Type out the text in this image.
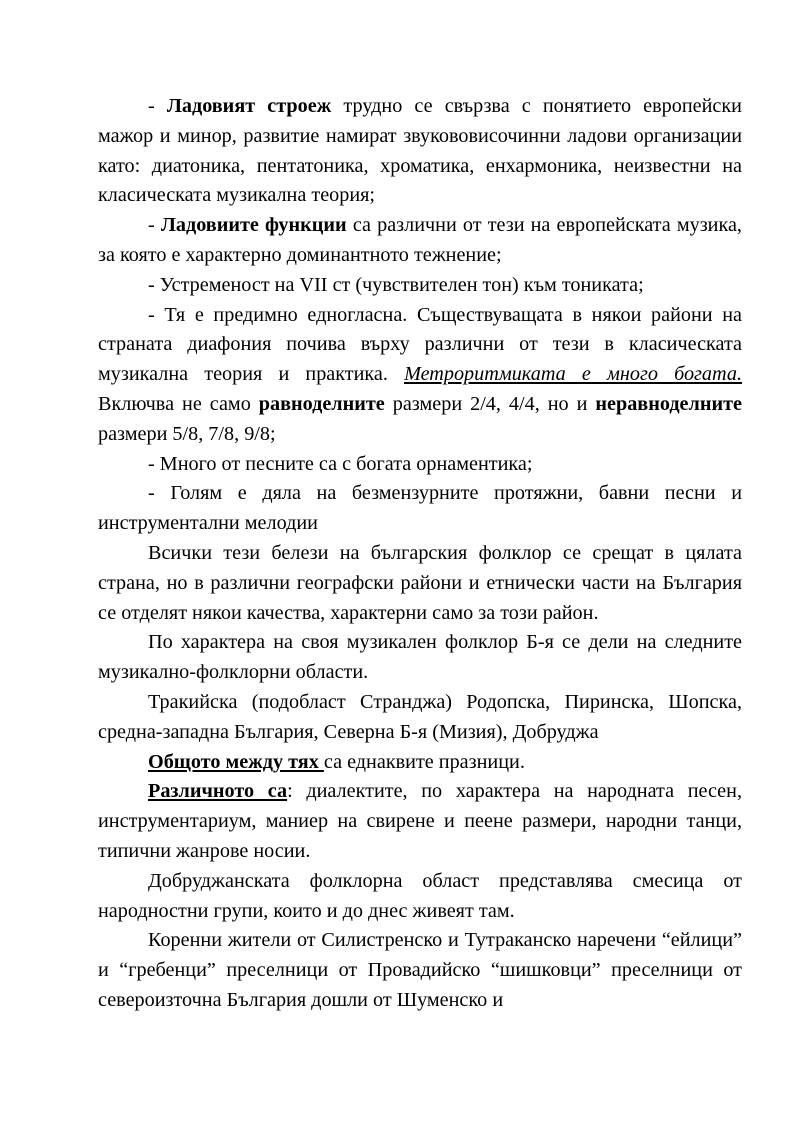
- Ладовият строеж трудно се свързва с понятието европейски мажор и минор, развитие намират звукововисочинни ладови организации като: диатоника, пентатоника, хроматика, енхармоника, неизвестни на класическата музикална теория;

- Ладовиите функции са различни от тези на европейската музика, за която е характерно доминантното тежнение;

- Устременост на VII ст (чувствителен тон) към тониката;

- Тя е предимно едногласна. Съществуващата в някои райони на страната диафония почива върху различни от тези в класическата музикална теория и практика. Метроритмиката е много богата. Включва не само равноделните размери 2/4, 4/4, но и неравноделните размери 5/8, 7/8, 9/8;

- Много от песните са с богата орнаментика;

- Голям е дяла на безмензурните протяжни, бавни песни и инструментални мелодии

Всички тези белези на българския фолклор се срещат в цялата страна, но в различни географски райони и етнически части на България се отделят някои качества, характерни само за този район.

По характера на своя музикален фолклор Б-я се дели на следните музикално-фолклорни области.

Тракийска (подобласт Странджа) Родопска, Пиринска, Шопска, средна-западна България, Северна Б-я (Мизия), Добруджа

Общото между тях са еднаквите празници.

Различното са: диалектите, по характера на народната песен, инструментариум, маниер на свирене и пеене размери, народни танци, типични жанрове носии.

Добруджанската фолклорна област представлява смесица от народностни групи, които и до днес живеят там.

Коренни жители от Силистренско и Тутраканско наречени “ейлици” и “гребенци” преселници от Провадийско “шишковци” преселници от североизточна България дошли от Шуменско и
